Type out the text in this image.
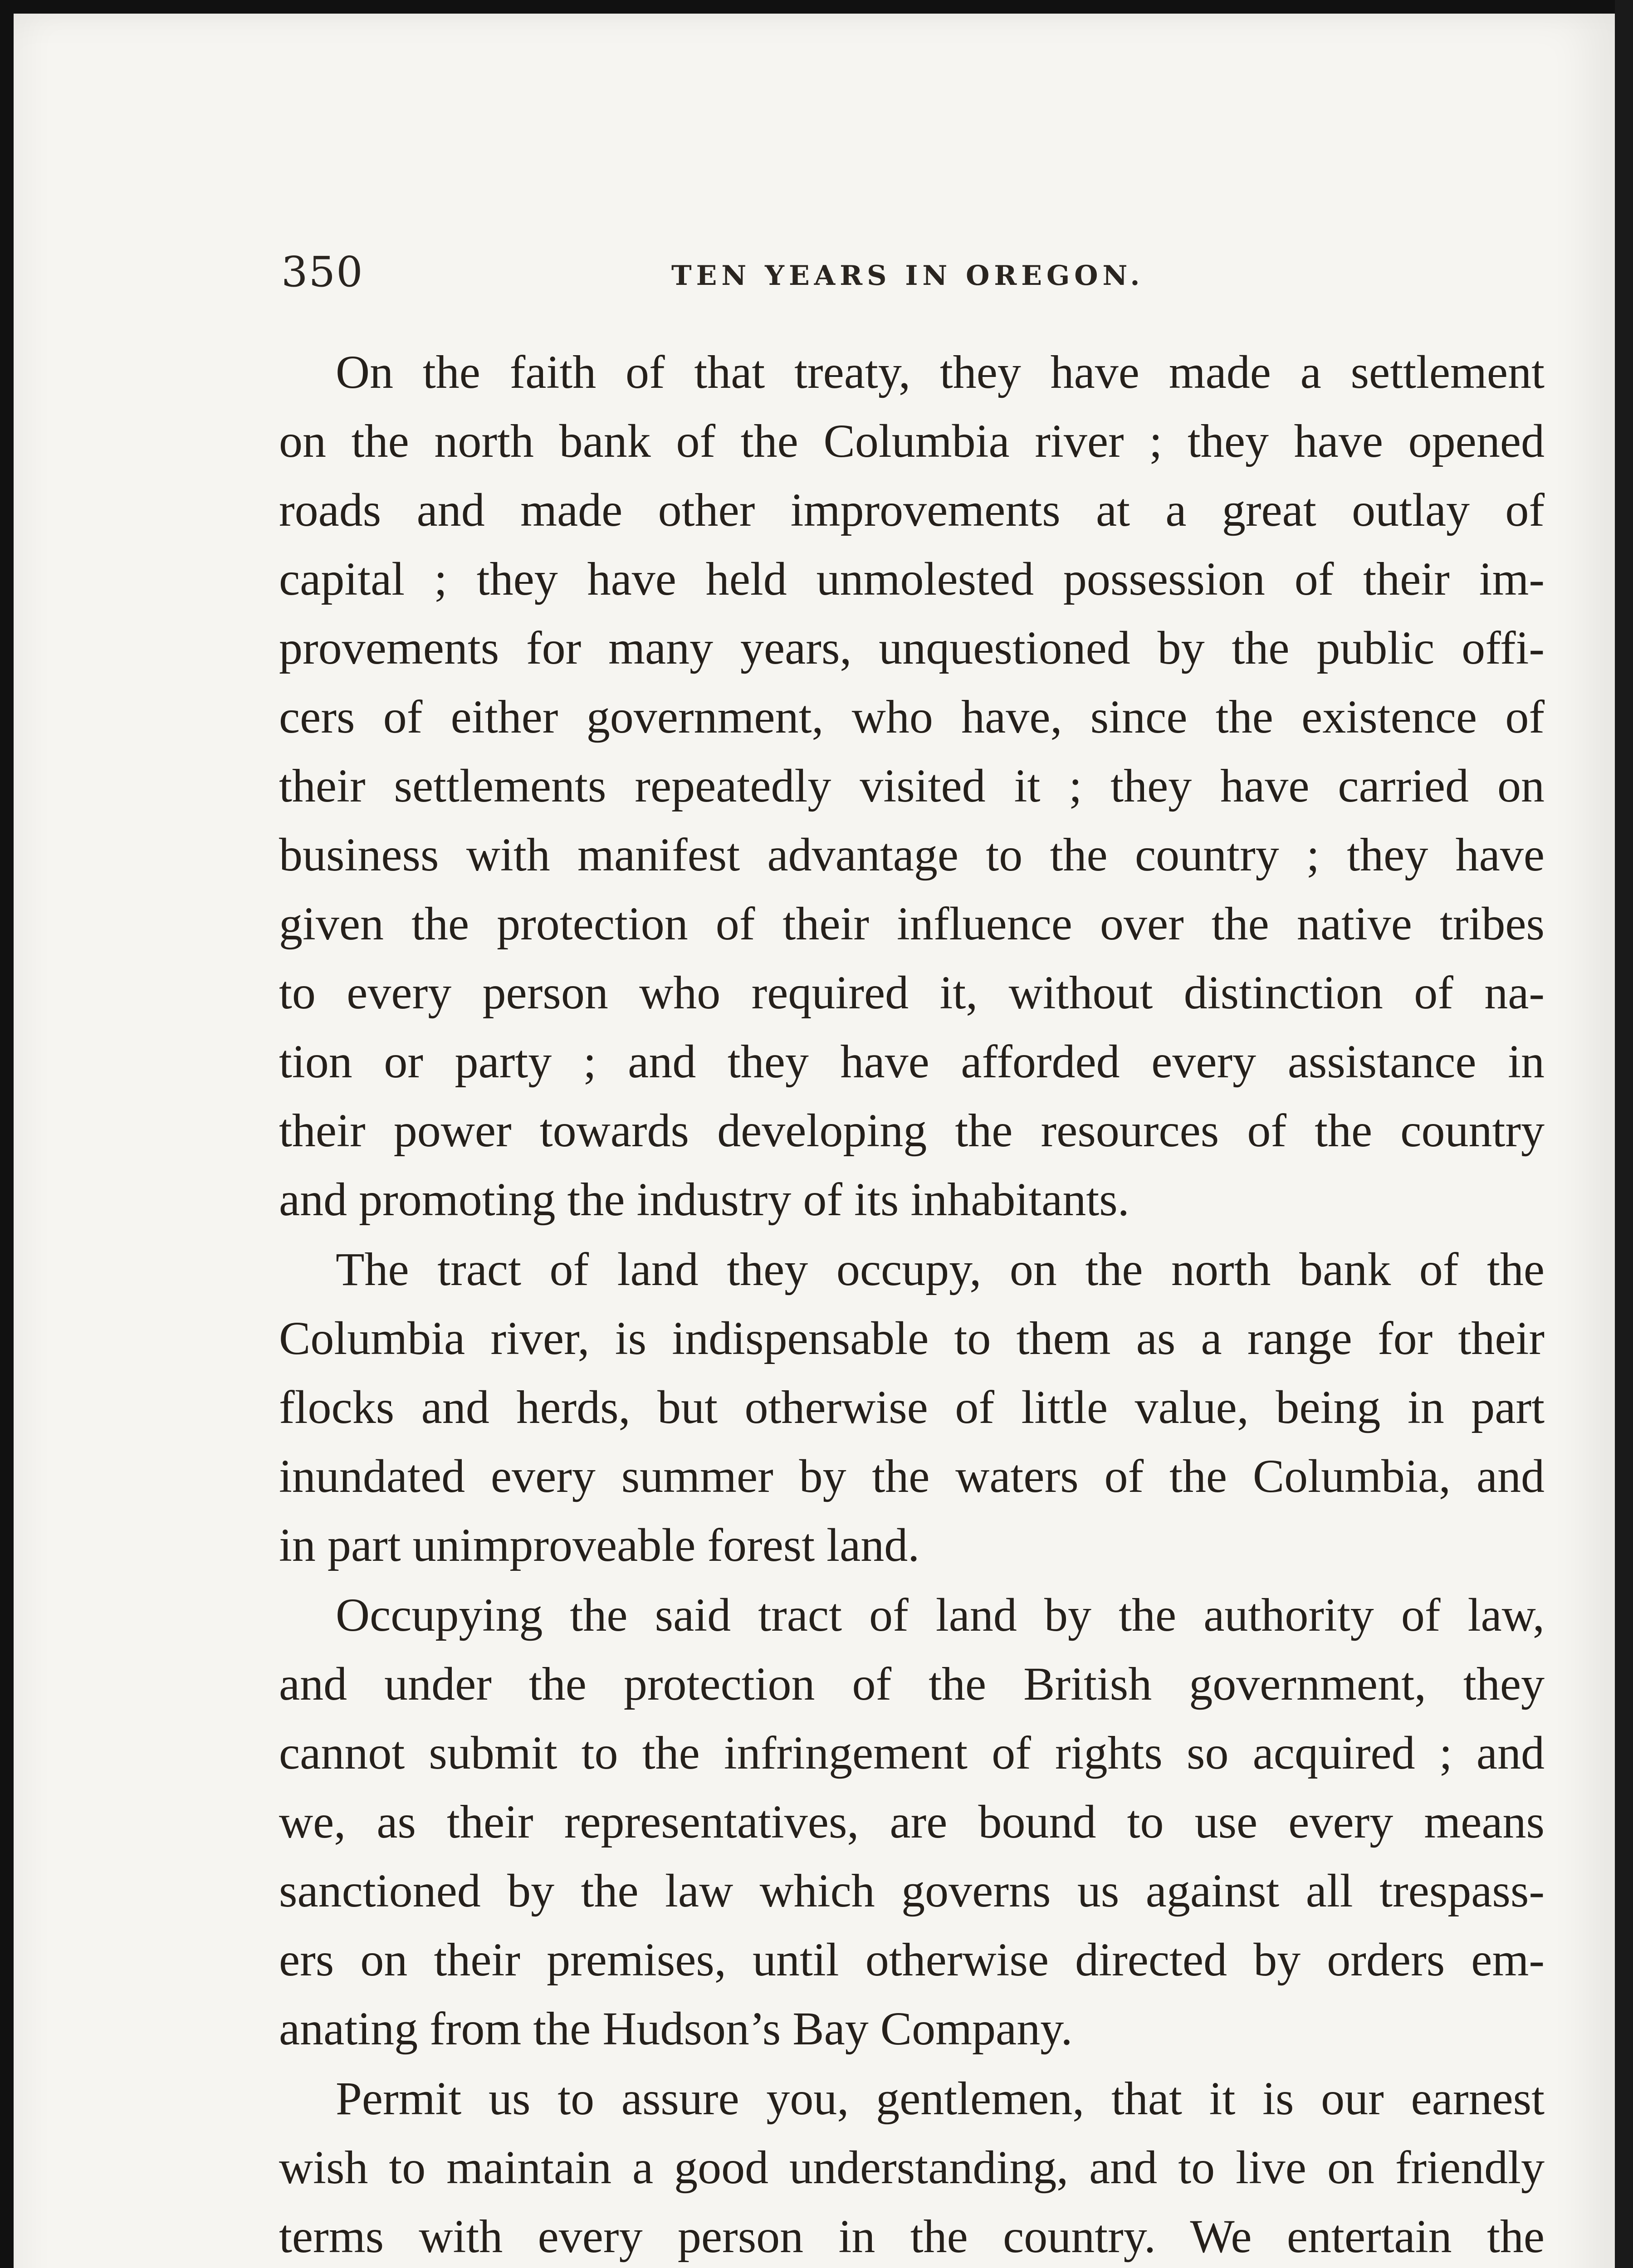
350	TEN YEARS IN OREGON.
On the faith of that treaty, they have made a settlement
on the north bank of the Columbia river ; they have opened
roads and made other improvements at a great outlay of
capital ; they have held unmolested possession of their im-
provements for many years, unquestioned by the public offi-
cers of either government, who have, since the existence of
their settlements repeatedly visited it ; they have carried on
business with manifest advantage to the country ; they have
given the protection of their influence over the native tribes
to every person who required it, without distinction of na-
tion or party ; and they have afforded every assistance in
their power towards developing the resources of the country
and promoting the industry of its inhabitants.
The tract of land they occupy, on the north bank of the
Columbia river, is indispensable to them as a range for their
flocks and herds, but otherwise of little value, being in part
inundated every summer by the waters of the Columbia, and
in part unimproveable forest land.
Occupying the said tract of land by the authority of law,
and under the protection of the British government, they
cannot submit to the infringement of rights so acquired ; and
we, as their representatives, are bound to use every means
sanctioned by the law which governs us against all trespass-
ers on their premises, until otherwise directed by orders em-
anating from the Hudson’s Bay Company.
Permit us to assure you, gentlemen, that it is our earnest
wish to maintain a good understanding, and to live on friendly
terms with every person in the country. We entertain the
